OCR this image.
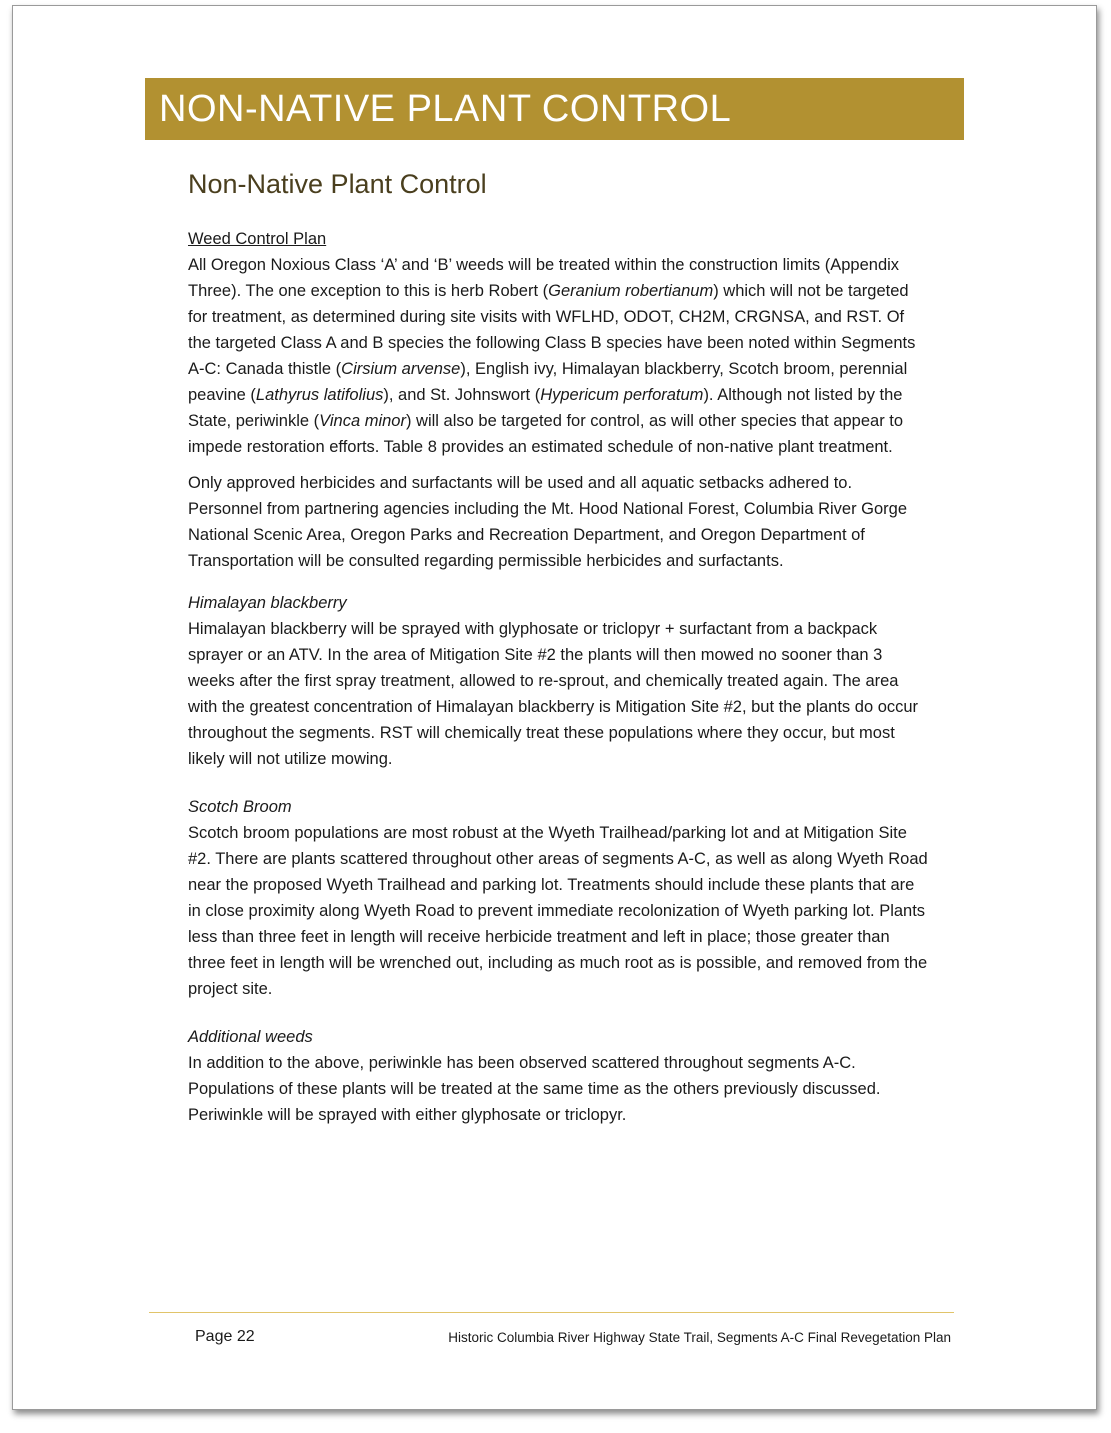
NON-NATIVE PLANT CONTROL
Non-Native Plant Control
Weed Control Plan

All Oregon Noxious Class ‘A’ and ‘B’ weeds will be treated within the construction limits (Appendix Three). The one exception to this is herb Robert (Geranium robertianum) which will not be targeted for treatment, as determined during site visits with WFLHD, ODOT, CH2M, CRGNSA, and RST. Of the targeted Class A and B species the following Class B species have been noted within Segments A-C: Canada thistle (Cirsium arvense), English ivy, Himalayan blackberry, Scotch broom, perennial peavine (Lathyrus latifolius), and St. Johnswort (Hypericum perforatum). Although not listed by the State, periwinkle (Vinca minor) will also be targeted for control, as will other species that appear to impede restoration efforts. Table 8 provides an estimated schedule of non-native plant treatment.

Only approved herbicides and surfactants will be used and all aquatic setbacks adhered to. Personnel from partnering agencies including the Mt. Hood National Forest, Columbia River Gorge National Scenic Area, Oregon Parks and Recreation Department, and Oregon Department of Transportation will be consulted regarding permissible herbicides and surfactants.

Himalayan blackberry

Himalayan blackberry will be sprayed with glyphosate or triclopyr + surfactant from a backpack sprayer or an ATV. In the area of Mitigation Site #2 the plants will then mowed no sooner than 3 weeks after the first spray treatment, allowed to re-sprout, and chemically treated again. The area with the greatest concentration of Himalayan blackberry is Mitigation Site #2, but the plants do occur throughout the segments. RST will chemically treat these populations where they occur, but most likely will not utilize mowing.

Scotch Broom

Scotch broom populations are most robust at the Wyeth Trailhead/parking lot and at Mitigation Site #2. There are plants scattered throughout other areas of segments A-C, as well as along Wyeth Road near the proposed Wyeth Trailhead and parking lot. Treatments should include these plants that are in close proximity along Wyeth Road to prevent immediate recolonization of Wyeth parking lot. Plants less than three feet in length will receive herbicide treatment and left in place; those greater than three feet in length will be wrenched out, including as much root as is possible, and removed from the project site.

Additional weeds

In addition to the above, periwinkle has been observed scattered throughout segments A-C. Populations of these plants will be treated at the same time as the others previously discussed. Periwinkle will be sprayed with either glyphosate or triclopyr.

Page 22	Historic Columbia River Highway State Trail, Segments A-C Final Revegetation Plan
